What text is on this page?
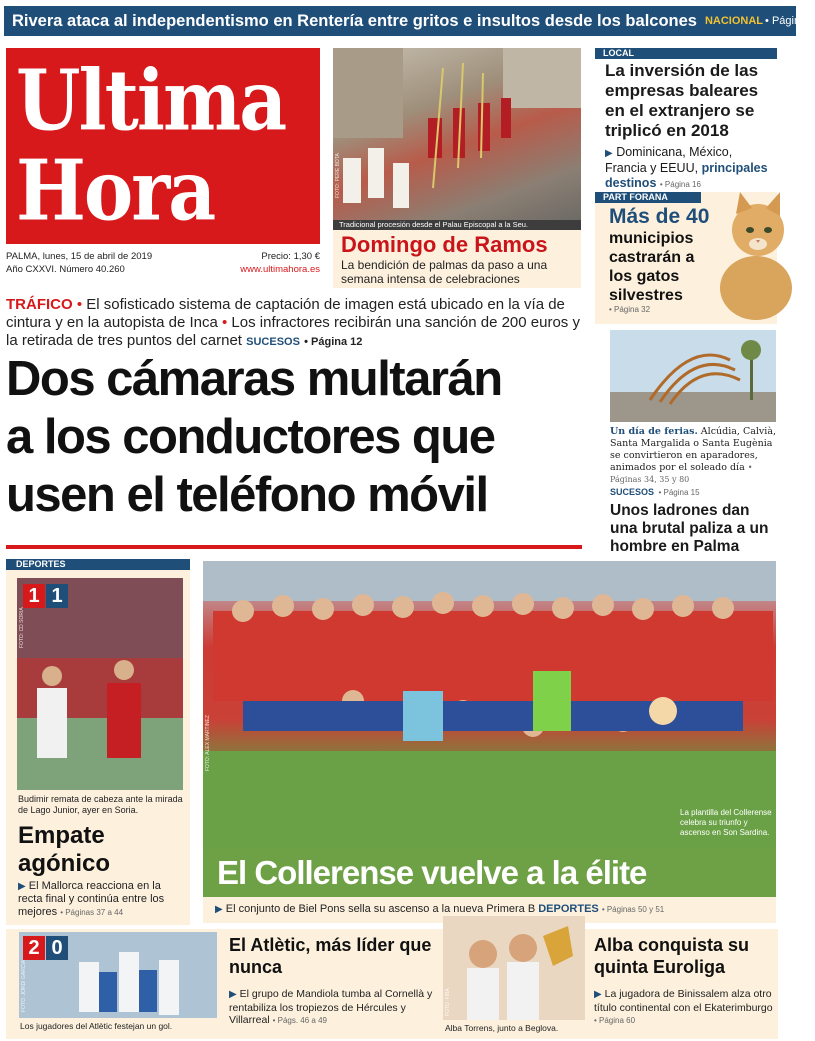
Rivera ataca al independentismo en Rentería entre gritos e insultos desde los balcones NACIONAL • Página 6
Ultima
Hora
PALMA, lunes, 15 de abril de 2019	Precio: 1,30 €
Año CXXVI. Número 40.260	www.ultimahora.es
FOTO: PERE BOTA
Tradicional procesión desde el Palau Episcopal a la Seu.
Domingo de Ramos
La bendición de palmas da paso a una semana intensa de celebraciones
LOCAL
La inversión de las empresas baleares en el extranjero se triplicó en 2018
▶ Dominicana, México, Francia y EEUU, principales destinos • Página 16
PART FORANA
Más de 40
municipios castrarán a los gatos silvestres
• Página 32
Un día de ferias. Alcúdia, Calvià, Santa Margalida o Santa Eugènia se convirtieron en aparadores, animados por el soleado día • Páginas 34, 35 y 80
SUCESOS • Página 15
Unos ladrones dan una brutal paliza a un hombre en Palma
TRÁFICO • El sofisticado sistema de captación de imagen está ubicado en la vía de cintura y en la autopista de Inca • Los infractores recibirán una sanción de 200 euros y la retirada de tres puntos del carnet SUCESOS • Página 12
Dos cámaras multarán
a los conductores que
usen el teléfono móvil
DEPORTES
1 1
FOTO: CD SORIA
Budimir remata de cabeza ante la mirada de Lago Junior, ayer en Soria.
Empate agónico
▶ El Mallorca reacciona en la recta final y continúa entre los mejores • Páginas 37 a 44
FOTO: ALEX MARTINEZ
La plantilla del Collerense celebra su triunfo y ascenso en Son Sardina.
El Collerense vuelve a la élite
▶ El conjunto de Biel Pons sella su ascenso a la nueva Primera B DEPORTES • Páginas 50 y 51
2 0
FOTO: JORDI GARCIA
Los jugadores del Atlètic festejan un gol.
El Atlètic, más líder que nunca
▶ El grupo de Mandiola tumba al Cornellà y rentabiliza los tropiezos de Hércules y Villarreal • Págs. 46 a 49
FOTO: FIBA
Alba Torrens, junto a Beglova.
Alba conquista su quinta Euroliga
▶ La jugadora de Binissalem alza otro título continental con el Ekaterimburgo • Página 60
